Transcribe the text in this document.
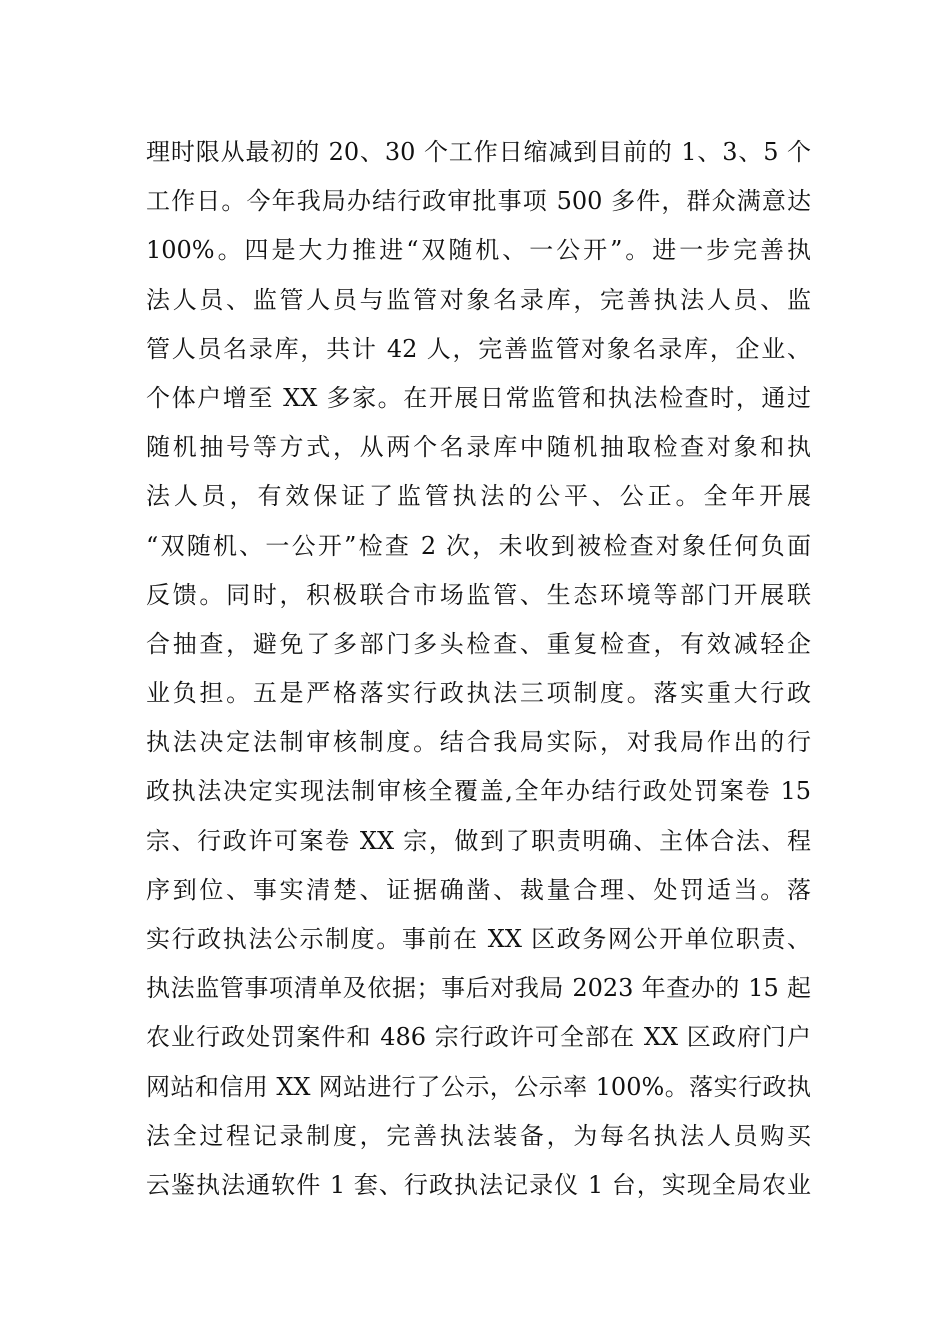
理时限从最初的 20、30 个工作日缩减到目前的 1、3、5 个
工作日。今年我局办结行政审批事项 500 多件，群众满意达
100%。四是大力推进“双随机、一公开”。进一步完善执
法人员、监管人员与监管对象名录库，完善执法人员、监
管人员名录库，共计 42 人，完善监管对象名录库，企业、
个体户增至 XX 多家。在开展日常监管和执法检查时，通过
随机抽号等方式，从两个名录库中随机抽取检查对象和执
法人员，有效保证了监管执法的公平、公正。全年开展
“双随机、一公开”检查 2 次，未收到被检查对象任何负面
反馈。同时，积极联合市场监管、生态环境等部门开展联
合抽查，避免了多部门多头检查、重复检查，有效减轻企
业负担。五是严格落实行政执法三项制度。落实重大行政
执法决定法制审核制度。结合我局实际，对我局作出的行
政执法决定实现法制审核全覆盖,全年办结行政处罚案卷 15
宗、行政许可案卷 XX 宗，做到了职责明确、主体合法、程
序到位、事实清楚、证据确凿、裁量合理、处罚适当。落
实行政执法公示制度。事前在 XX 区政务网公开单位职责、
执法监管事项清单及依据；事后对我局 2023 年查办的 15 起
农业行政处罚案件和 486 宗行政许可全部在 XX 区政府门户
网站和信用 XX 网站进行了公示，公示率 100%。落实行政执
法全过程记录制度，完善执法装备，为每名执法人员购买
云鉴执法通软件 1 套、行政执法记录仪 1 台，实现全局农业
